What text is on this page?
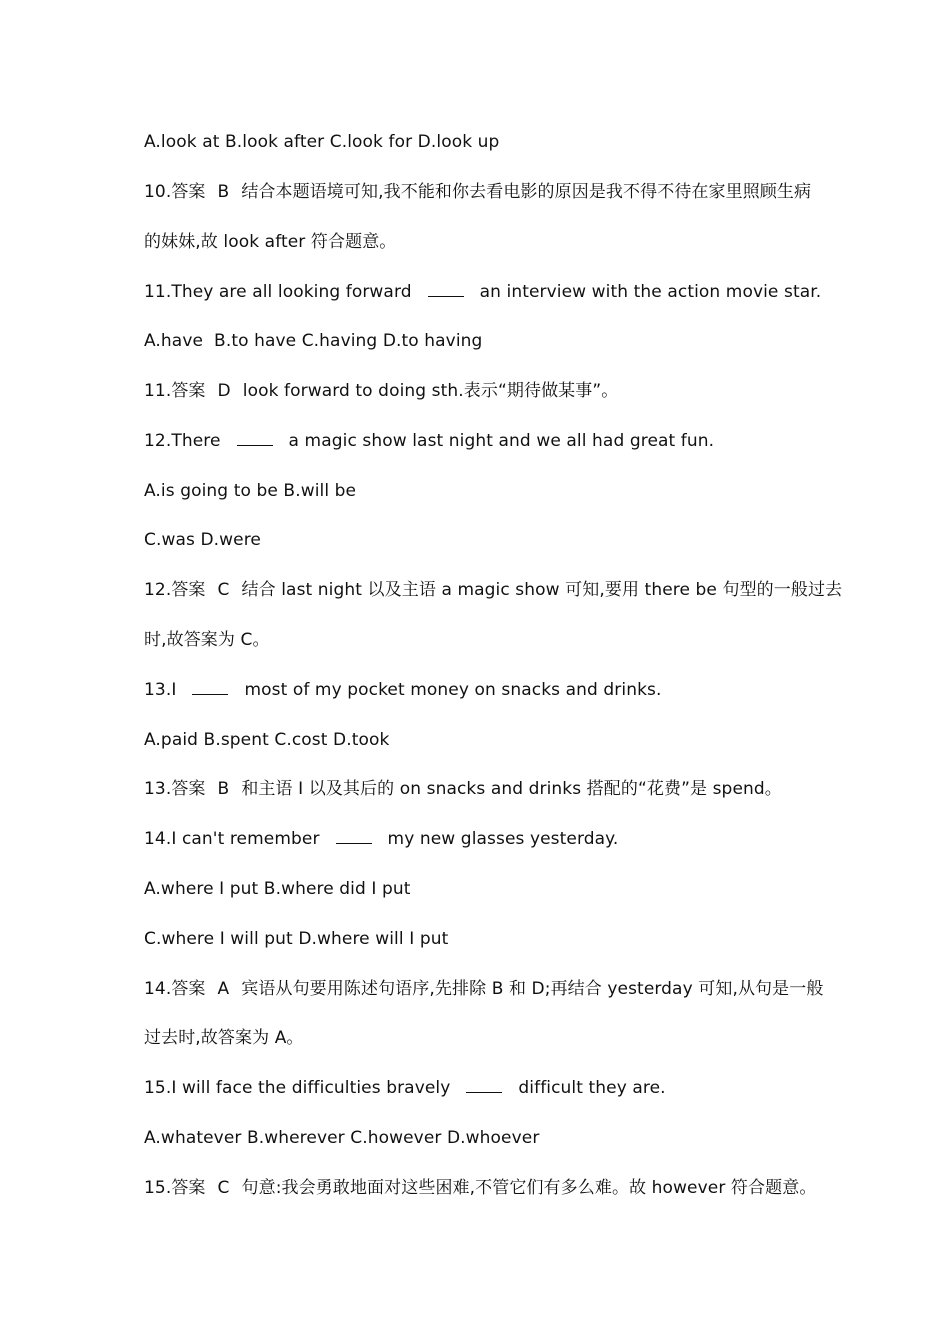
A.look at B.look after C.look for D.look up
10.答案 B 结合本题语境可知,我不能和你去看电影的原因是我不得不待在家里照顾生病
的妹妹,故 look after 符合题意。
11.They are all looking forward	an interview with the action movie star.
A.have  B.to have C.having D.to having
11.答案 D look forward to doing sth.表示“期待做某事”。
12.There	a magic show last night and we all had great fun.
A.is going to be B.will be
C.was D.were
12.答案 C 结合 last night 以及主语 a magic show 可知,要用 there be 句型的一般过去
时,故答案为 C。
13.I	most of my pocket money on snacks and drinks.
A.paid B.spent C.cost D.took
13.答案 B 和主语 I 以及其后的 on snacks and drinks 搭配的“花费”是 spend。
14.I can't remember	my new glasses yesterday.
A.where I put B.where did I put
C.where I will put D.where will I put
14.答案 A 宾语从句要用陈述句语序,先排除 B 和 D;再结合 yesterday 可知,从句是一般
过去时,故答案为 A。
15.I will face the difficulties bravely	difficult they are.
A.whatever B.wherever C.however D.whoever
15.答案 C 句意:我会勇敢地面对这些困难,不管它们有多么难。故 however 符合题意。
